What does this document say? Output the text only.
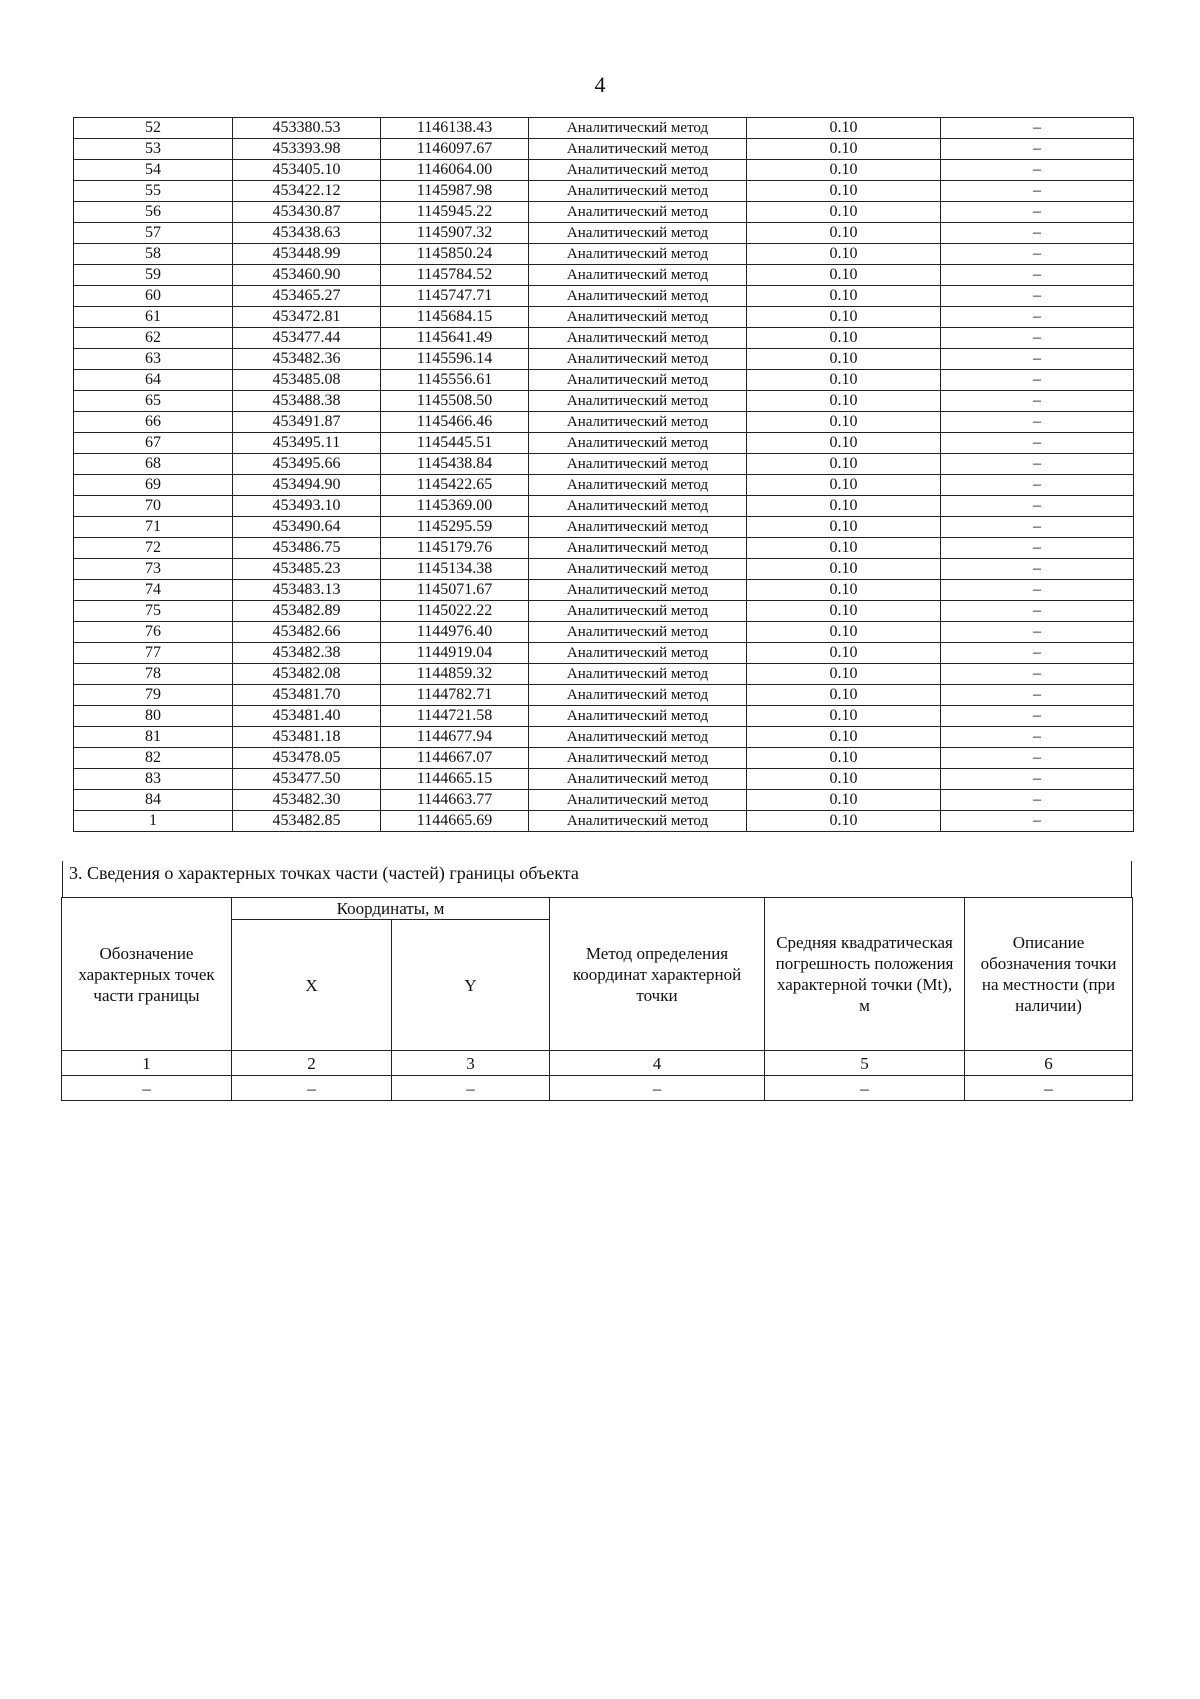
4
52	453380.53	1146138.43	Аналитический метод	0.10	–
53	453393.98	1146097.67	Аналитический метод	0.10	–
54	453405.10	1146064.00	Аналитический метод	0.10	–
55	453422.12	1145987.98	Аналитический метод	0.10	–
56	453430.87	1145945.22	Аналитический метод	0.10	–
57	453438.63	1145907.32	Аналитический метод	0.10	–
58	453448.99	1145850.24	Аналитический метод	0.10	–
59	453460.90	1145784.52	Аналитический метод	0.10	–
60	453465.27	1145747.71	Аналитический метод	0.10	–
61	453472.81	1145684.15	Аналитический метод	0.10	–
62	453477.44	1145641.49	Аналитический метод	0.10	–
63	453482.36	1145596.14	Аналитический метод	0.10	–
64	453485.08	1145556.61	Аналитический метод	0.10	–
65	453488.38	1145508.50	Аналитический метод	0.10	–
66	453491.87	1145466.46	Аналитический метод	0.10	–
67	453495.11	1145445.51	Аналитический метод	0.10	–
68	453495.66	1145438.84	Аналитический метод	0.10	–
69	453494.90	1145422.65	Аналитический метод	0.10	–
70	453493.10	1145369.00	Аналитический метод	0.10	–
71	453490.64	1145295.59	Аналитический метод	0.10	–
72	453486.75	1145179.76	Аналитический метод	0.10	–
73	453485.23	1145134.38	Аналитический метод	0.10	–
74	453483.13	1145071.67	Аналитический метод	0.10	–
75	453482.89	1145022.22	Аналитический метод	0.10	–
76	453482.66	1144976.40	Аналитический метод	0.10	–
77	453482.38	1144919.04	Аналитический метод	0.10	–
78	453482.08	1144859.32	Аналитический метод	0.10	–
79	453481.70	1144782.71	Аналитический метод	0.10	–
80	453481.40	1144721.58	Аналитический метод	0.10	–
81	453481.18	1144677.94	Аналитический метод	0.10	–
82	453478.05	1144667.07	Аналитический метод	0.10	–
83	453477.50	1144665.15	Аналитический метод	0.10	–
84	453482.30	1144663.77	Аналитический метод	0.10	–
1	453482.85	1144665.69	Аналитический метод	0.10	–
3. Сведения о характерных точках части (частей) границы объекта
Обозначение характерных точек части границы	Координаты, м		Метод определения координат характерной точки	Средняя квадратическая погрешность положения характерной точки (Mt), м	Описание обозначения точки на местности (при наличии)
	X	Y			
1	2	3	4	5	6
–	–	–	–	–	–
